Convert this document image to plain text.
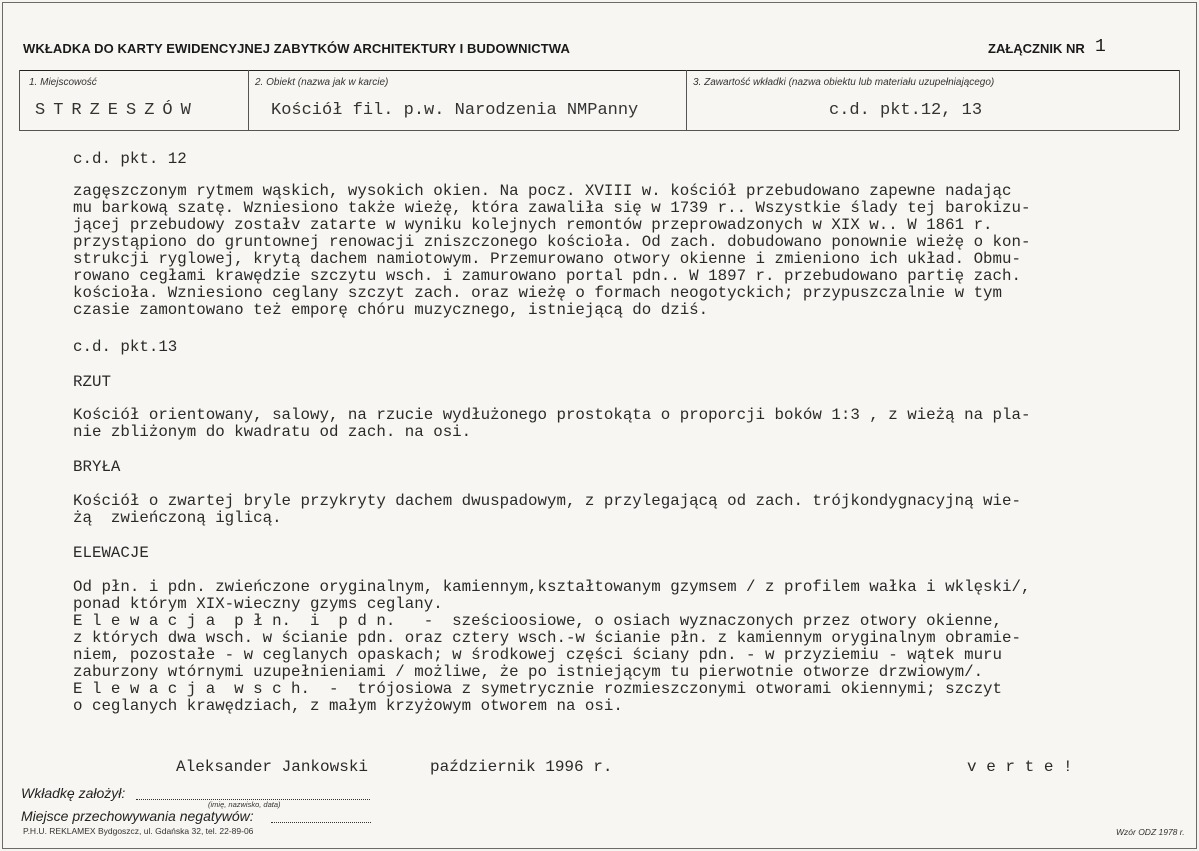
WKŁADKA DO KARTY EWIDENCYJNEJ ZABYTKÓW ARCHITEKTURY I BUDOWNICTWA	ZAŁĄCZNIK NR 1
1. Miejscowość
STRZESZÓW
2. Obiekt (nazwa jak w karcie)
Kościół fil. p.w. Narodzenia NMPanny
3. Zawartość wkładki (nazwa obiektu lub materiału uzupełniającego)
c.d. pkt.12, 13
c.d. pkt. 12
zagęszczonym rytmem wąskich, wysokich okien. Na pocz. XVIII w. kościół przebudowano zapewne nadając
mu barkową szatę. Wzniesiono także wieżę, która zawaliła się w 1739 r.. Wszystkie ślady tej barokizu-
jącej przebudowy zostałv zatarte w wyniku kolejnych remontów przeprowadzonych w XIX w.. W 1861 r.
przystąpiono do gruntownej renowacji zniszczonego kościoła. Od zach. dobudowano ponownie wieżę o kon-
strukcji ryglowej, krytą dachem namiotowym. Przemurowano otwory okienne i zmieniono ich układ. Obmu-
rowano cegłami krawędzie szczytu wsch. i zamurowano portal pdn.. W 1897 r. przebudowano partię zach.
kościoła. Wzniesiono ceglany szczyt zach. oraz wieżę o formach neogotyckich; przypuszczalnie w tym
czasie zamontowano też emporę chóru muzycznego, istniejącą do dziś.
c.d. pkt.13
RZUT
Kościół orientowany, salowy, na rzucie wydłużonego prostokąta o proporcji boków 1:3 , z wieżą na pla-
nie zbliżonym do kwadratu od zach. na osi.
BRYŁA
Kościół o zwartej bryle przykryty dachem dwuspadowym, z przylegającą od zach. trójkondygnacyjną wie-
żą  zwieńczoną iglicą.
ELEWACJE
Od płn. i pdn. zwieńczone oryginalnym, kamiennym,kształtowanym gzymsem / z profilem wałka i wklęski/,
ponad którym XIX-wieczny gzyms ceglany.
E l e w a c j a  p ł n.  i  p d n.   -  sześcioosiowe, o osiach wyznaczonych przez otwory okienne,
z których dwa wsch. w ścianie pdn. oraz cztery wsch.-w ścianie płn. z kamiennym oryginalnym obramie-
niem, pozostałe - w ceglanych opaskach; w środkowej części ściany pdn. - w przyziemiu - wątek muru
zaburzony wtórnymi uzupełnieniami / możliwe, że po istniejącym tu pierwotnie otworze drzwiowym/.
E l e w a c j a  w s c h.  -  trójosiowa z symetrycznie rozmieszczonymi otworami okiennymi; szczyt
o ceglanych krawędziach, z małym krzyżowym otworem na osi.
Aleksander Jankowski	październik 1996 r.	v e r t e !
Wkładkę założył:
(imię, nazwisko, data)
Miejsce przechowywania negatywów:
P.H.U. REKLAMEX Bydgoszcz, ul. Gdańska 32, tel. 22-89-06	Wzór ODZ 1978 r.
